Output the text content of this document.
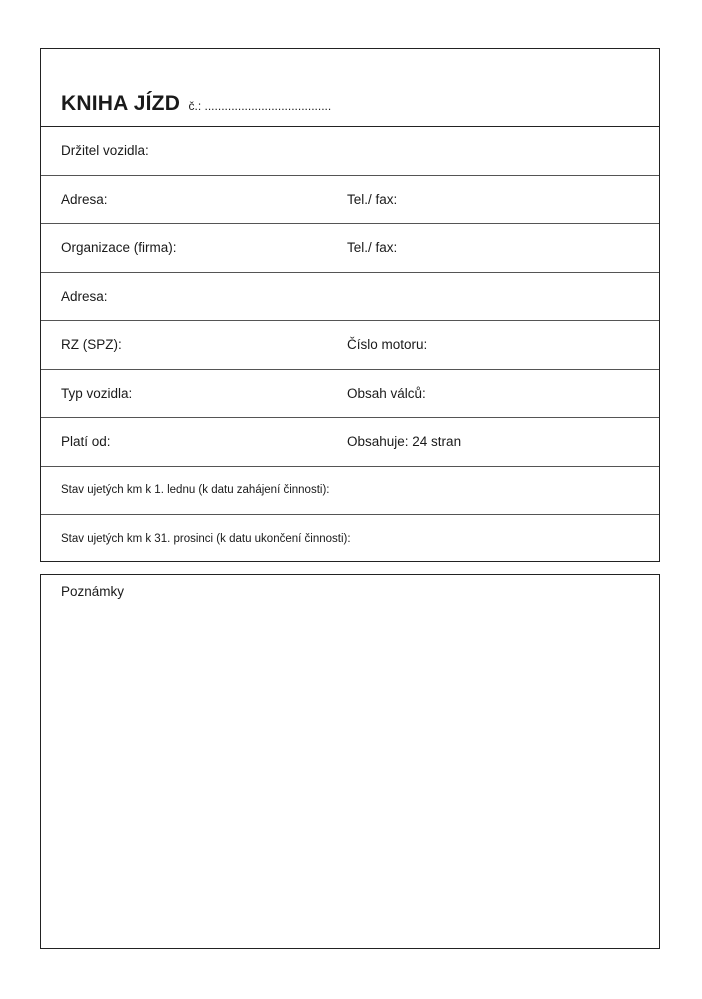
KNIHA JÍZD č.: ......................................
Držitel vozidla:
Adresa:	Tel./ fax:
Organizace (firma):	Tel./ fax:
Adresa:
RZ (SPZ):	Číslo motoru:
Typ vozidla:	Obsah válců:
Platí od:	Obsahuje: 24 stran
Stav ujetých km k 1. lednu (k datu zahájení činnosti):
Stav ujetých km k 31. prosinci (k datu ukončení činnosti):
Poznámky
